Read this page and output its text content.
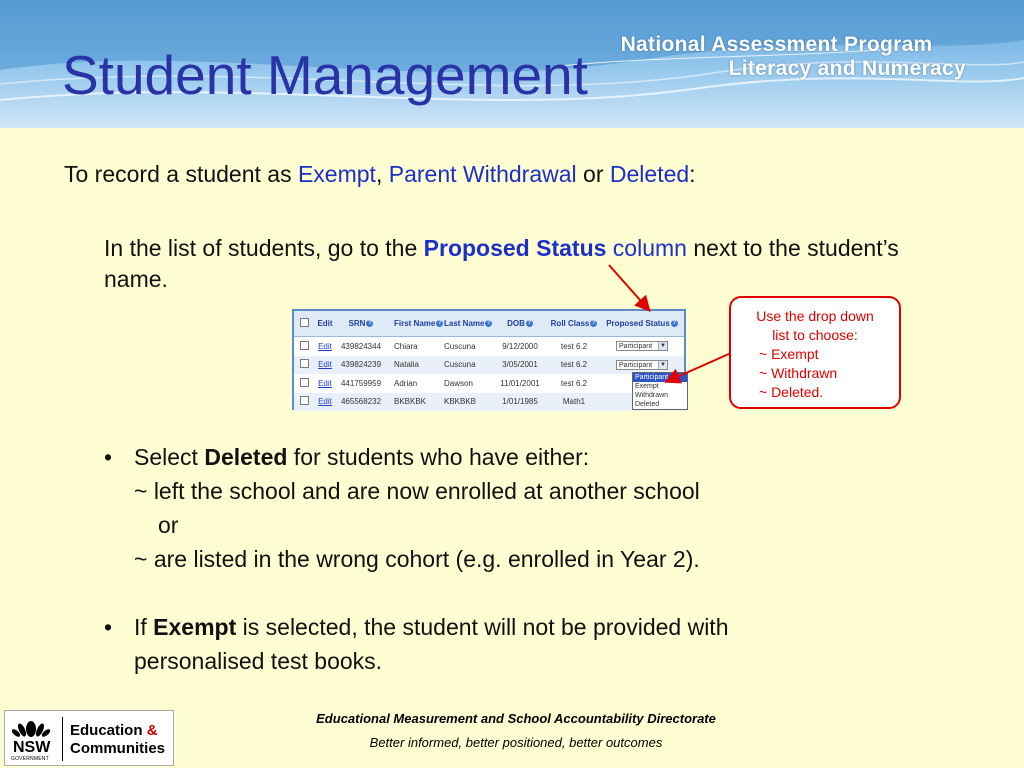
National Assessment Program
Literacy and Numeracy
Student Management
To record a student as Exempt, Parent Withdrawal or Deleted:
In the list of students, go to the Proposed Status column next to the student’s name.
Edit	SRN ?	First Name ? Last Name ?	DOB ?	Roll Class ?	Proposed Status ?
Edit	439824344	Chiara	Cuscuna	9/12/2000	test 6.2	Participant	▼
Edit	439824239	Natalia	Cuscuna	3/05/2001	test 6.2	Participant	▼
Edit	441759959	Adrian	Dawson	11/01/2001	test 6.2
Edit	465568232	BKBKBK	KBKBKB	1/01/1985	Math1
Participant
Exempt
Withdrawn
Deleted
Use the drop down
list to choose:
~ Exempt
~ Withdrawn
~ Deleted.
• Select Deleted for students who have either:
~ left the school and are now enrolled at another school
or
~ are listed in the wrong cohort (e.g. enrolled in Year 2).
• If Exempt is selected, the student will not be provided with
personalised test books.
NSW
GOVERNMENT
Education &
Communities
Educational Measurement and School Accountability Directorate
Better informed, better positioned, better outcomes
